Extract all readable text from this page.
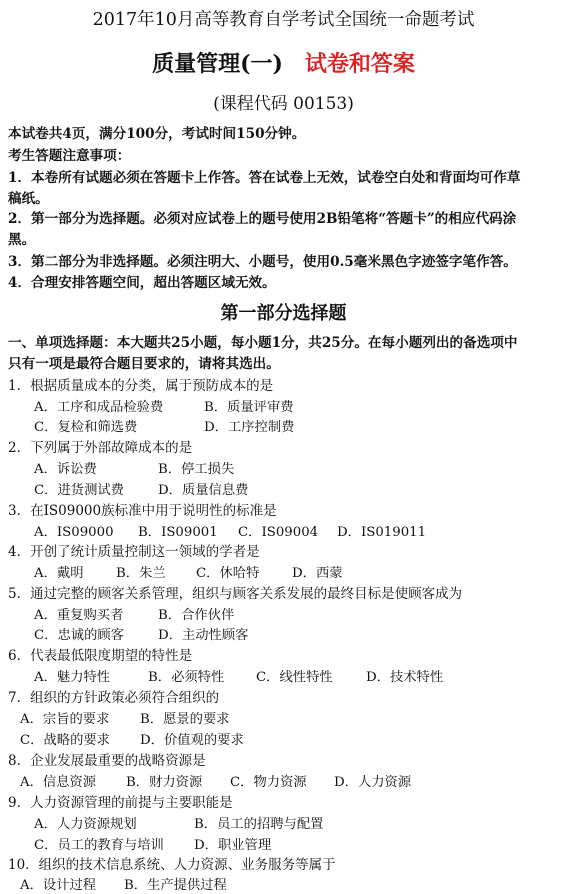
2017年10月高等教育自学考试全国统一命题考试
质量管理(一) 试卷和答案
(课程代码 00153)
本试卷共4页，满分100分，考试时间150分钟。
考生答题注意事项：
1．本卷所有试题必须在答题卡上作答。答在试卷上无效，试卷空白处和背面均可作草
稿纸。
2．第一部分为选择题。必须对应试卷上的题号使用2B铅笔将“答题卡”的相应代码涂
黑。
3．第二部分为非选择题。必须注明大、小题号，使用0.5毫米黑色字迹签字笔作答。
4．合理安排答题空间，超出答题区域无效。
第一部分选择题
一、单项选择题：本大题共25小题，每小题1分，共25分。在每小题列出的备选项中
只有一项是最符合题目要求的，请将其选出。
1．根据质量成本的分类，属于预防成本的是
A．工序和成品检验费	B．质量评审费
C．复检和筛选费	D．工序控制费
2．下列属于外部故障成本的是
A．诉讼费	B．停工损失
C．进货测试费	D．质量信息费
3．在IS09000族标准中用于说明性的标准是
A．IS09000 B．IS09001 C．IS09004 D．IS019011
4．开创了统计质量控制这一领域的学者是
A．戴明 B．朱兰 C．休哈特 D．西蒙
5．通过完整的顾客关系管理，组织与顾客关系发展的最终目标是使顾客成为
A．重复购买者	B．合作伙伴
C．忠诚的顾客	D．主动性顾客
6．代表最低限度期望的特性是
A．魅力特性	B．必须特性 C．线性特性	D．技术特性
7．组织的方针政策必须符合组织的
A．宗旨的要求 B．愿景的要求
C．战略的要求 D．价值观的要求
8．企业发展最重要的战略资源是
A．信息资源 B．财力资源 C．物力资源 D．人力资源
9．人力资源管理的前提与主要职能是
A．人力资源规划	B．员工的招聘与配置
C．员工的教育与培训 D．职业管理
10．组织的技术信息系统、人力资源、业务服务等属于
A．设计过程 B．生产提供过程
